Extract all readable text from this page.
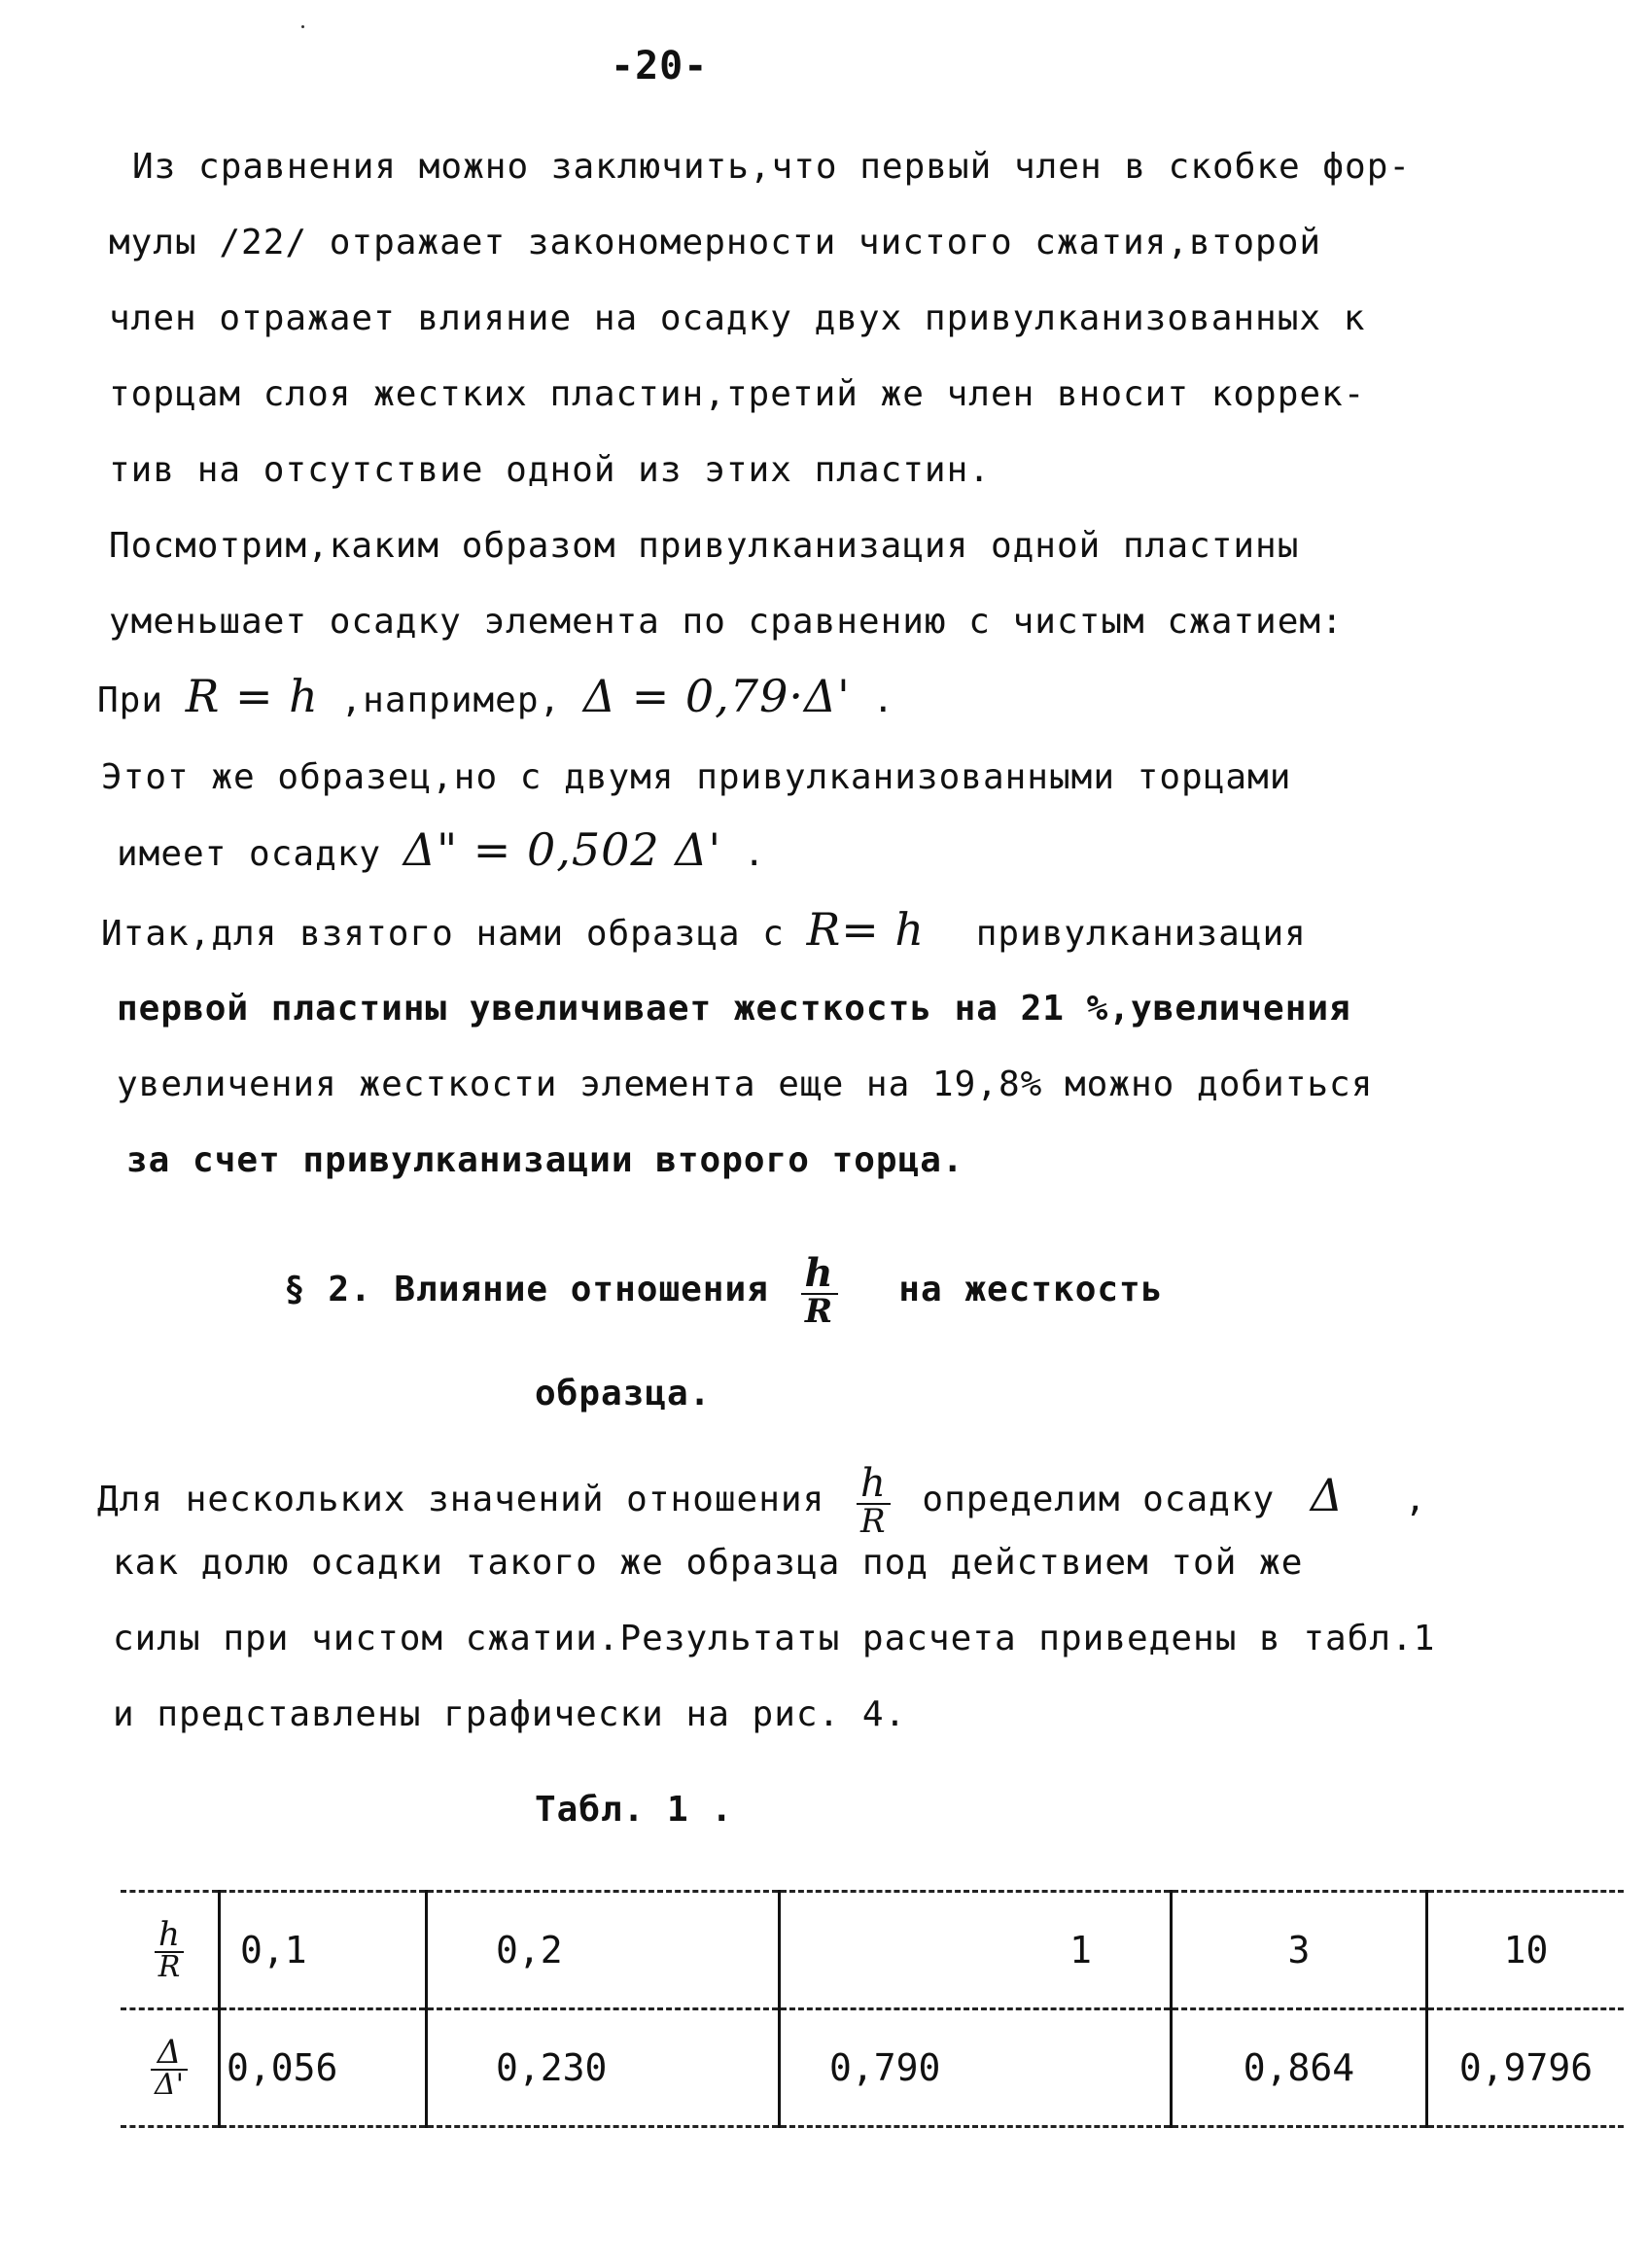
-20-
Из сравнения можно заключить,что первый член в скобке фор-
мулы /22/ отражает закономерности чистого сжатия,второй
член отражает влияние на осадку двух привулканизованных к
торцам слоя жестких пластин,третий же член вносит коррек-
тив на отсутствие одной из этих пластин.
Посмотрим,каким образом привулканизация одной пластины
уменьшает осадку элемента по сравнению с чистым сжатием:
При R = h ,например, Δ = 0,79·Δ' .
Этот же образец,но с двумя привулканизованными торцами
имеет осадку Δ" = 0,502 Δ' .
Итак,для взятого нами образца с R= h привулканизация
первой пластины увеличивает жесткость на 21 %,увеличения
увеличения жесткости элемента еще на 19,8% можно добиться
за счет привулканизации второго торца.
§ 2. Влияние отношения $\frac{h}{R}$ на жесткость
образца.
Для нескольких значений отношения $\frac{h}{R}$ определим осадку Δ ,
как долю осадки такого же образца под действием той же
силы при чистом сжатии.Результаты расчета приведены в табл.1
и представлены графически на рис. 4.
Табл. 1 .
$\frac{h}{R}$	0,1	0,2	1	3	10

$\frac{\Delta}{\Delta'}$	0,056	0,230	0,790	0,864	0,9796
